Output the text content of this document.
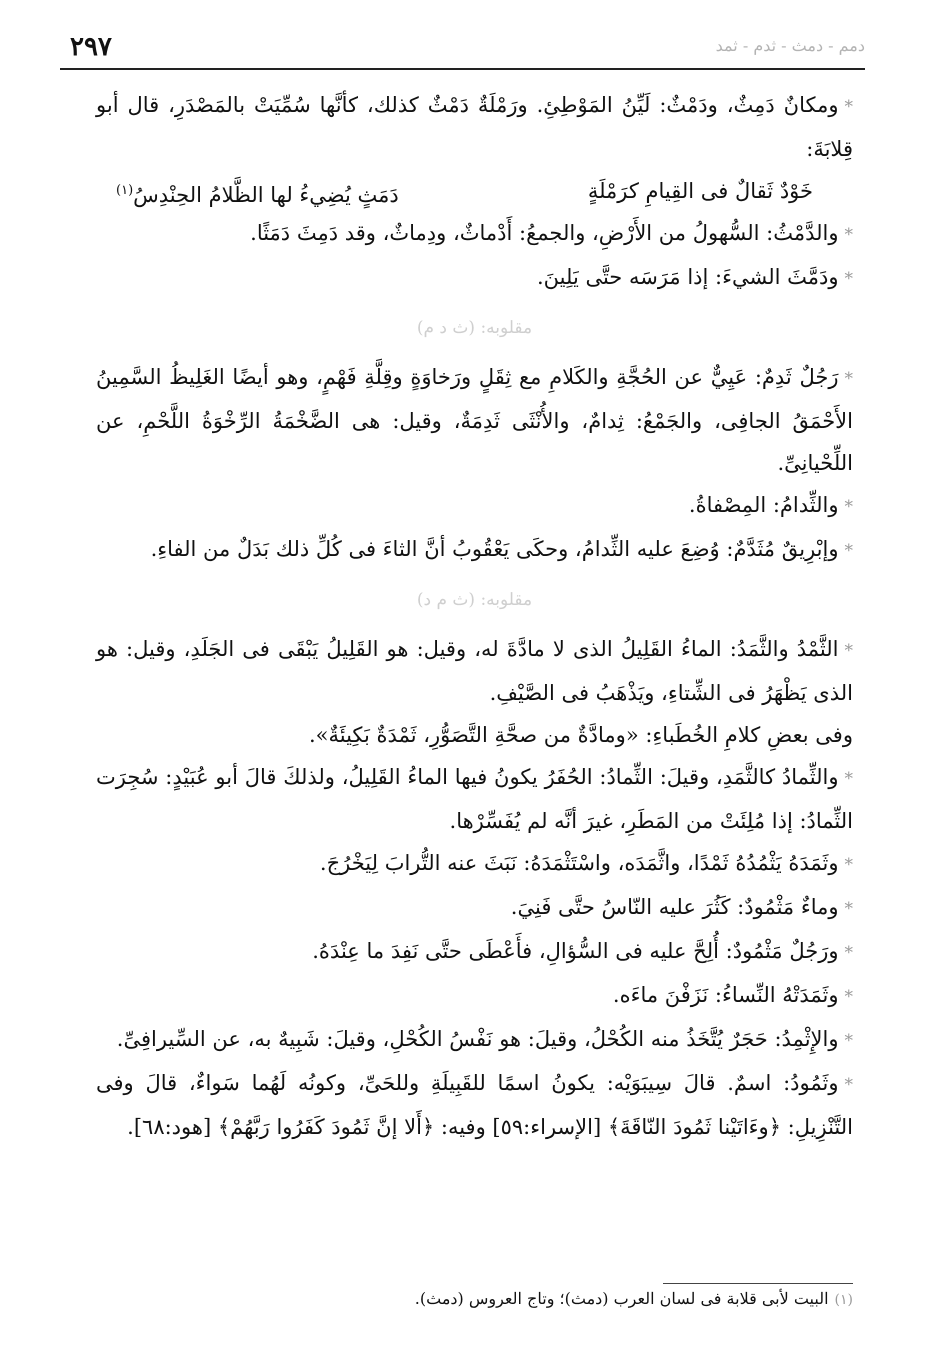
دمم - دمث - ثدم - ثمد
٢٩٧

*ومكانٌ دَمِثٌ، ودَمْثٌ: لَيِّنُ المَوْطِئِ. ورَمْلَةٌ دَمْثٌ كذلك، كأنَّها سُمِّيَتْ بالمَصْدَرِ، قال أبو قِلابَةَ:

خَوْدٌ ثَقالٌ فى القِيامِ كرَمْلَةٍ
دَمَثٍ يُضِيءُ لها الظَّلامُ الحِنْدِسُ$^{(١)}$

*والدَّمْثُ: السُّهولُ من الأَرْضِ، والجمعُ: أَدْماثٌ، ودِماثٌ، وقد دَمِثَ دَمَثًا.

*ودَمَّثَ الشيءَ: إذا مَرَسَه حتَّى يَلِينَ.

مقلوبه: (ث د م)

*رَجُلٌ ثَدِمٌ: عَيِيٌّ عن الحُجَّةِ والكَلامِ مع ثِقَلٍ ورَخاوَةٍ وقِلَّةِ فَهْمٍ، وهو أيضًا الغَلِيظُ السَّمِينُ الأَحْمَقُ الجافِى، والجَمْعُ: ثِدامٌ، والأُنْثَى ثَدِمَةٌ، وقيل: هى الضَّخْمَةُ الرِّخْوَةُ اللَّحْمِ، عن اللِّحْيانِىِّ.

*والثِّدامُ: المِصْفاةُ.

*وإبْرِيقٌ مُثَدَّمٌ: وُضِعَ عليه الثِّدامُ، وحكَى يَعْقُوبُ أنَّ الثاءَ فى كُلِّ ذلك بَدَلٌ من الفاءِ.

مقلوبه: (ث م د)

*الثَّمْدُ والثَّمَدُ: الماءُ القَلِيلُ الذى لا مادَّةَ له، وقيل: هو القَلِيلُ يَبْقَى فى الجَلَدِ، وقيل: هو الذى يَظْهَرُ فى الشِّتاءِ، ويَذْهَبُ فى الصَّيْفِ.

وفى بعضِ كلامِ الخُطَباءِ: «ومادَّةٌ من صحَّةِ التَّصَوُّرِ، ثَمْدَةٌ بَكِيئَةٌ».

*والثِّمادُ كالثَّمَدِ، وقيلَ: الثِّمادُ: الحُفَرُ يكونُ فيها الماءُ القَلِيلُ، ولذلكَ قالَ أبو عُبَيْدٍ: سُجِرَت الثِّمادُ: إذا مُلِئَتْ من المَطَرِ، غيرَ أنَّه لم يُفَسِّرْها.

*وثَمَدَهُ يَثْمُدُهُ ثَمْدًا، واثَّمَدَه، واسْتَثْمَدَهُ: نَبَثَ عنه التُّرابَ لِيَخْرُجَ.

*وماءٌ مَثْمُودٌ: كَثُرَ عليه النّاسُ حتَّى فَنِيَ.

*ورَجُلٌ مَثْمُودٌ: أُلِحَّ عليه فى السُّؤالِ، فأَعْطَى حتَّى نَفِدَ ما عِنْدَهُ.

*وثَمَدَتْهُ النِّساءُ: نَزَفْنَ ماءَه.

*والإِثْمِدُ: حَجَرٌ يُتَّخَذُ منه الكُحْلُ، وقيلَ: هو نَفْسُ الكُحْلِ، وقيلَ: شَبِيهٌ به، عن السِّيرافِىِّ.

*وثَمُودُ: اسمٌ. قالَ سِيبَوَيْه: يكونُ اسمًا للقَبِيلَةِ وللحَىِّ، وكونُه لَهُما سَواءٌ، قالَ وفى التَّنْزِيلِ: ﴿وءَاتَيْنا ثَمُودَ النّاقَةَ﴾ [الإسراء:٥٩] وفيه: ﴿أَلا إنَّ ثَمُودَ كَفَرُوا رَبَّهُمْ﴾ [هود:٦٨].

(١)البيت لأبى قلابة فى لسان العرب (دمث)؛ وتاج العروس (دمث).
